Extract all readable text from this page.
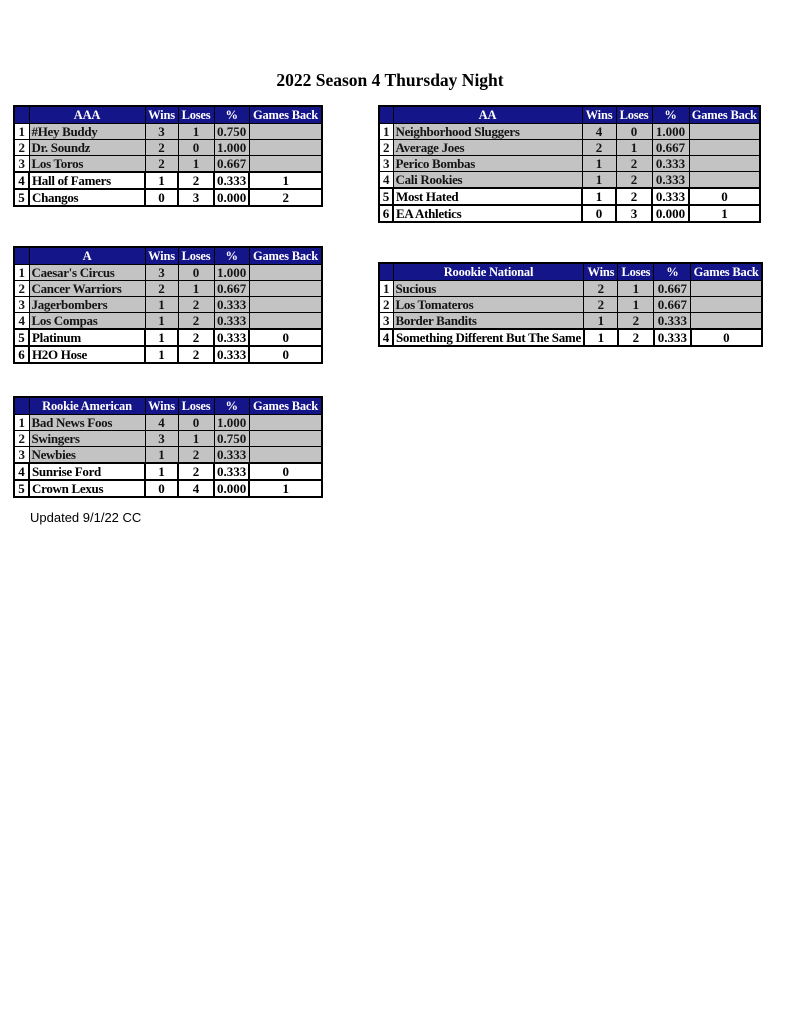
2022 Season 4 Thursday Night
	AAA	Wins	Loses	%	Games Back
1	#Hey Buddy	3	1	0.750	
2	Dr. Soundz	2	0	1.000	
3	Los Toros	2	1	0.667	
4	Hall of Famers	1	2	0.333	1
5	Changos	0	3	0.000	2
	AA	Wins	Loses	%	Games Back
1	Neighborhood Sluggers	4	0	1.000	
2	Average Joes	2	1	0.667	
3	Perico Bombas	1	2	0.333	
4	Cali Rookies	1	2	0.333	
5	Most Hated	1	2	0.333	0
6	EA Athletics	0	3	0.000	1
	A	Wins	Loses	%	Games Back
1	Caesar's Circus	3	0	1.000	
2	Cancer Warriors	2	1	0.667	
3	Jagerbombers	1	2	0.333	
4	Los Compas	1	2	0.333	
5	Platinum	1	2	0.333	0
6	H2O Hose	1	2	0.333	0
	Roookie National	Wins	Loses	%	Games Back
1	Sucious	2	1	0.667	
2	Los Tomateros	2	1	0.667	
3	Border Bandits	1	2	0.333	
4	Something Different But The Same	1	2	0.333	0
	Rookie American	Wins	Loses	%	Games Back
1	Bad News Foos	4	0	1.000	
2	Swingers	3	1	0.750	
3	Newbies	1	2	0.333	
4	Sunrise Ford	1	2	0.333	0
5	Crown Lexus	0	4	0.000	1
Updated 9/1/22 CC
